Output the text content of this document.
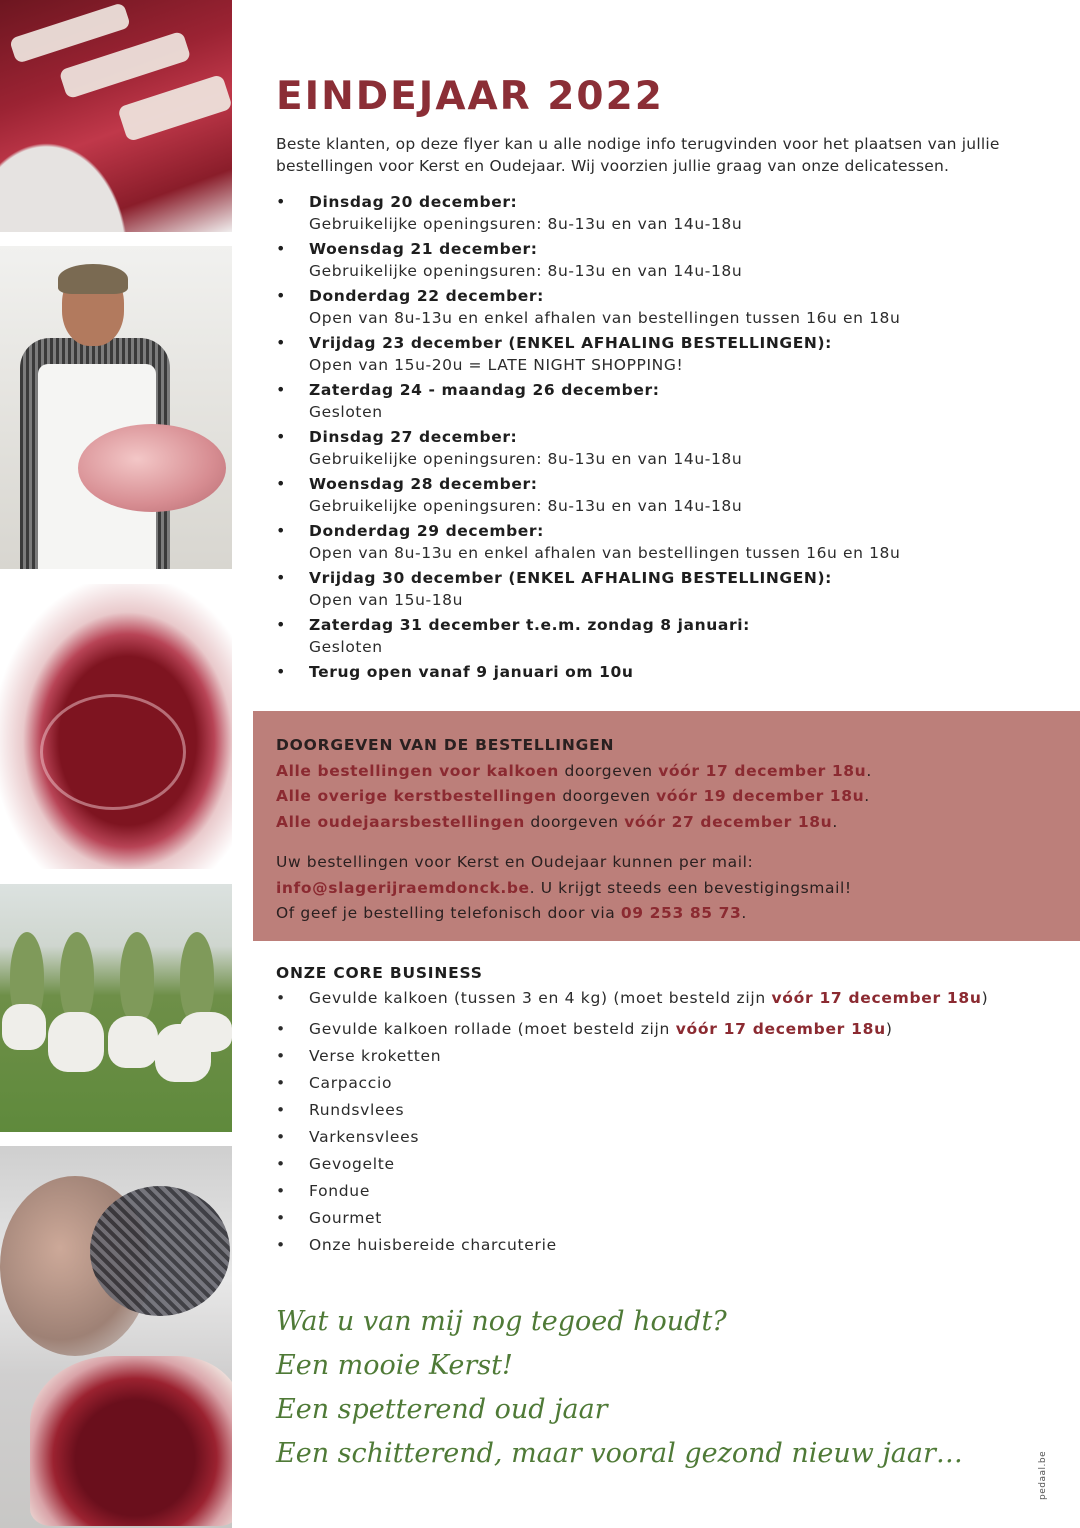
EINDEJAAR 2022
Beste klanten, op deze flyer kan u alle nodige info terugvinden voor het plaatsen van jullie bestellingen voor Kerst en Oudejaar. Wij voorzien jullie graag van onze delicatessen.
• Dinsdag 20 december:
Gebruikelijke openingsuren: 8u-13u en van 14u-18u
• Woensdag 21 december:
Gebruikelijke openingsuren: 8u-13u en van 14u-18u
• Donderdag 22 december:
Open van 8u-13u en enkel afhalen van bestellingen tussen 16u en 18u
• Vrijdag 23 december (ENKEL AFHALING BESTELLINGEN):
Open van 15u-20u = LATE NIGHT SHOPPING!
• Zaterdag 24 - maandag 26 december:
Gesloten
• Dinsdag 27 december:
Gebruikelijke openingsuren: 8u-13u en van 14u-18u
• Woensdag 28 december:
Gebruikelijke openingsuren: 8u-13u en van 14u-18u
• Donderdag 29 december:
Open van 8u-13u en enkel afhalen van bestellingen tussen 16u en 18u
• Vrijdag 30 december (ENKEL AFHALING BESTELLINGEN):
Open van 15u-18u
• Zaterdag 31 december t.e.m. zondag 8 januari:
Gesloten
• Terug open vanaf 9 januari om 10u
ONZE CORE BUSINESS
• Gevulde kalkoen (tussen 3 en 4 kg) (moet besteld zijn vóór 17 december 18u)
• Gevulde kalkoen rollade (moet besteld zijn vóór 17 december 18u)
• Verse kroketten
• Carpaccio
• Rundsvlees
• Varkensvlees
• Gevogelte
• Fondue
• Gourmet
• Onze huisbereide charcuterie
Wat u van mij nog tegoed houdt?
Een mooie Kerst!
Een spetterend oud jaar
Een schitterend, maar vooral gezond nieuw jaar…
DOORGEVEN VAN DE BESTELLINGEN
Alle bestellingen voor kalkoen doorgeven vóór 17 december 18u.
Alle overige kerstbestellingen doorgeven vóór 19 december 18u.
Alle oudejaarsbestellingen doorgeven vóór 27 december 18u.
Uw bestellingen voor Kerst en Oudejaar kunnen per mail:
info@slagerijraemdonck.be. U krijgt steeds een bevestigingsmail!
Of geef je bestelling telefonisch door via 09 253 85 73.
pedaal.be
